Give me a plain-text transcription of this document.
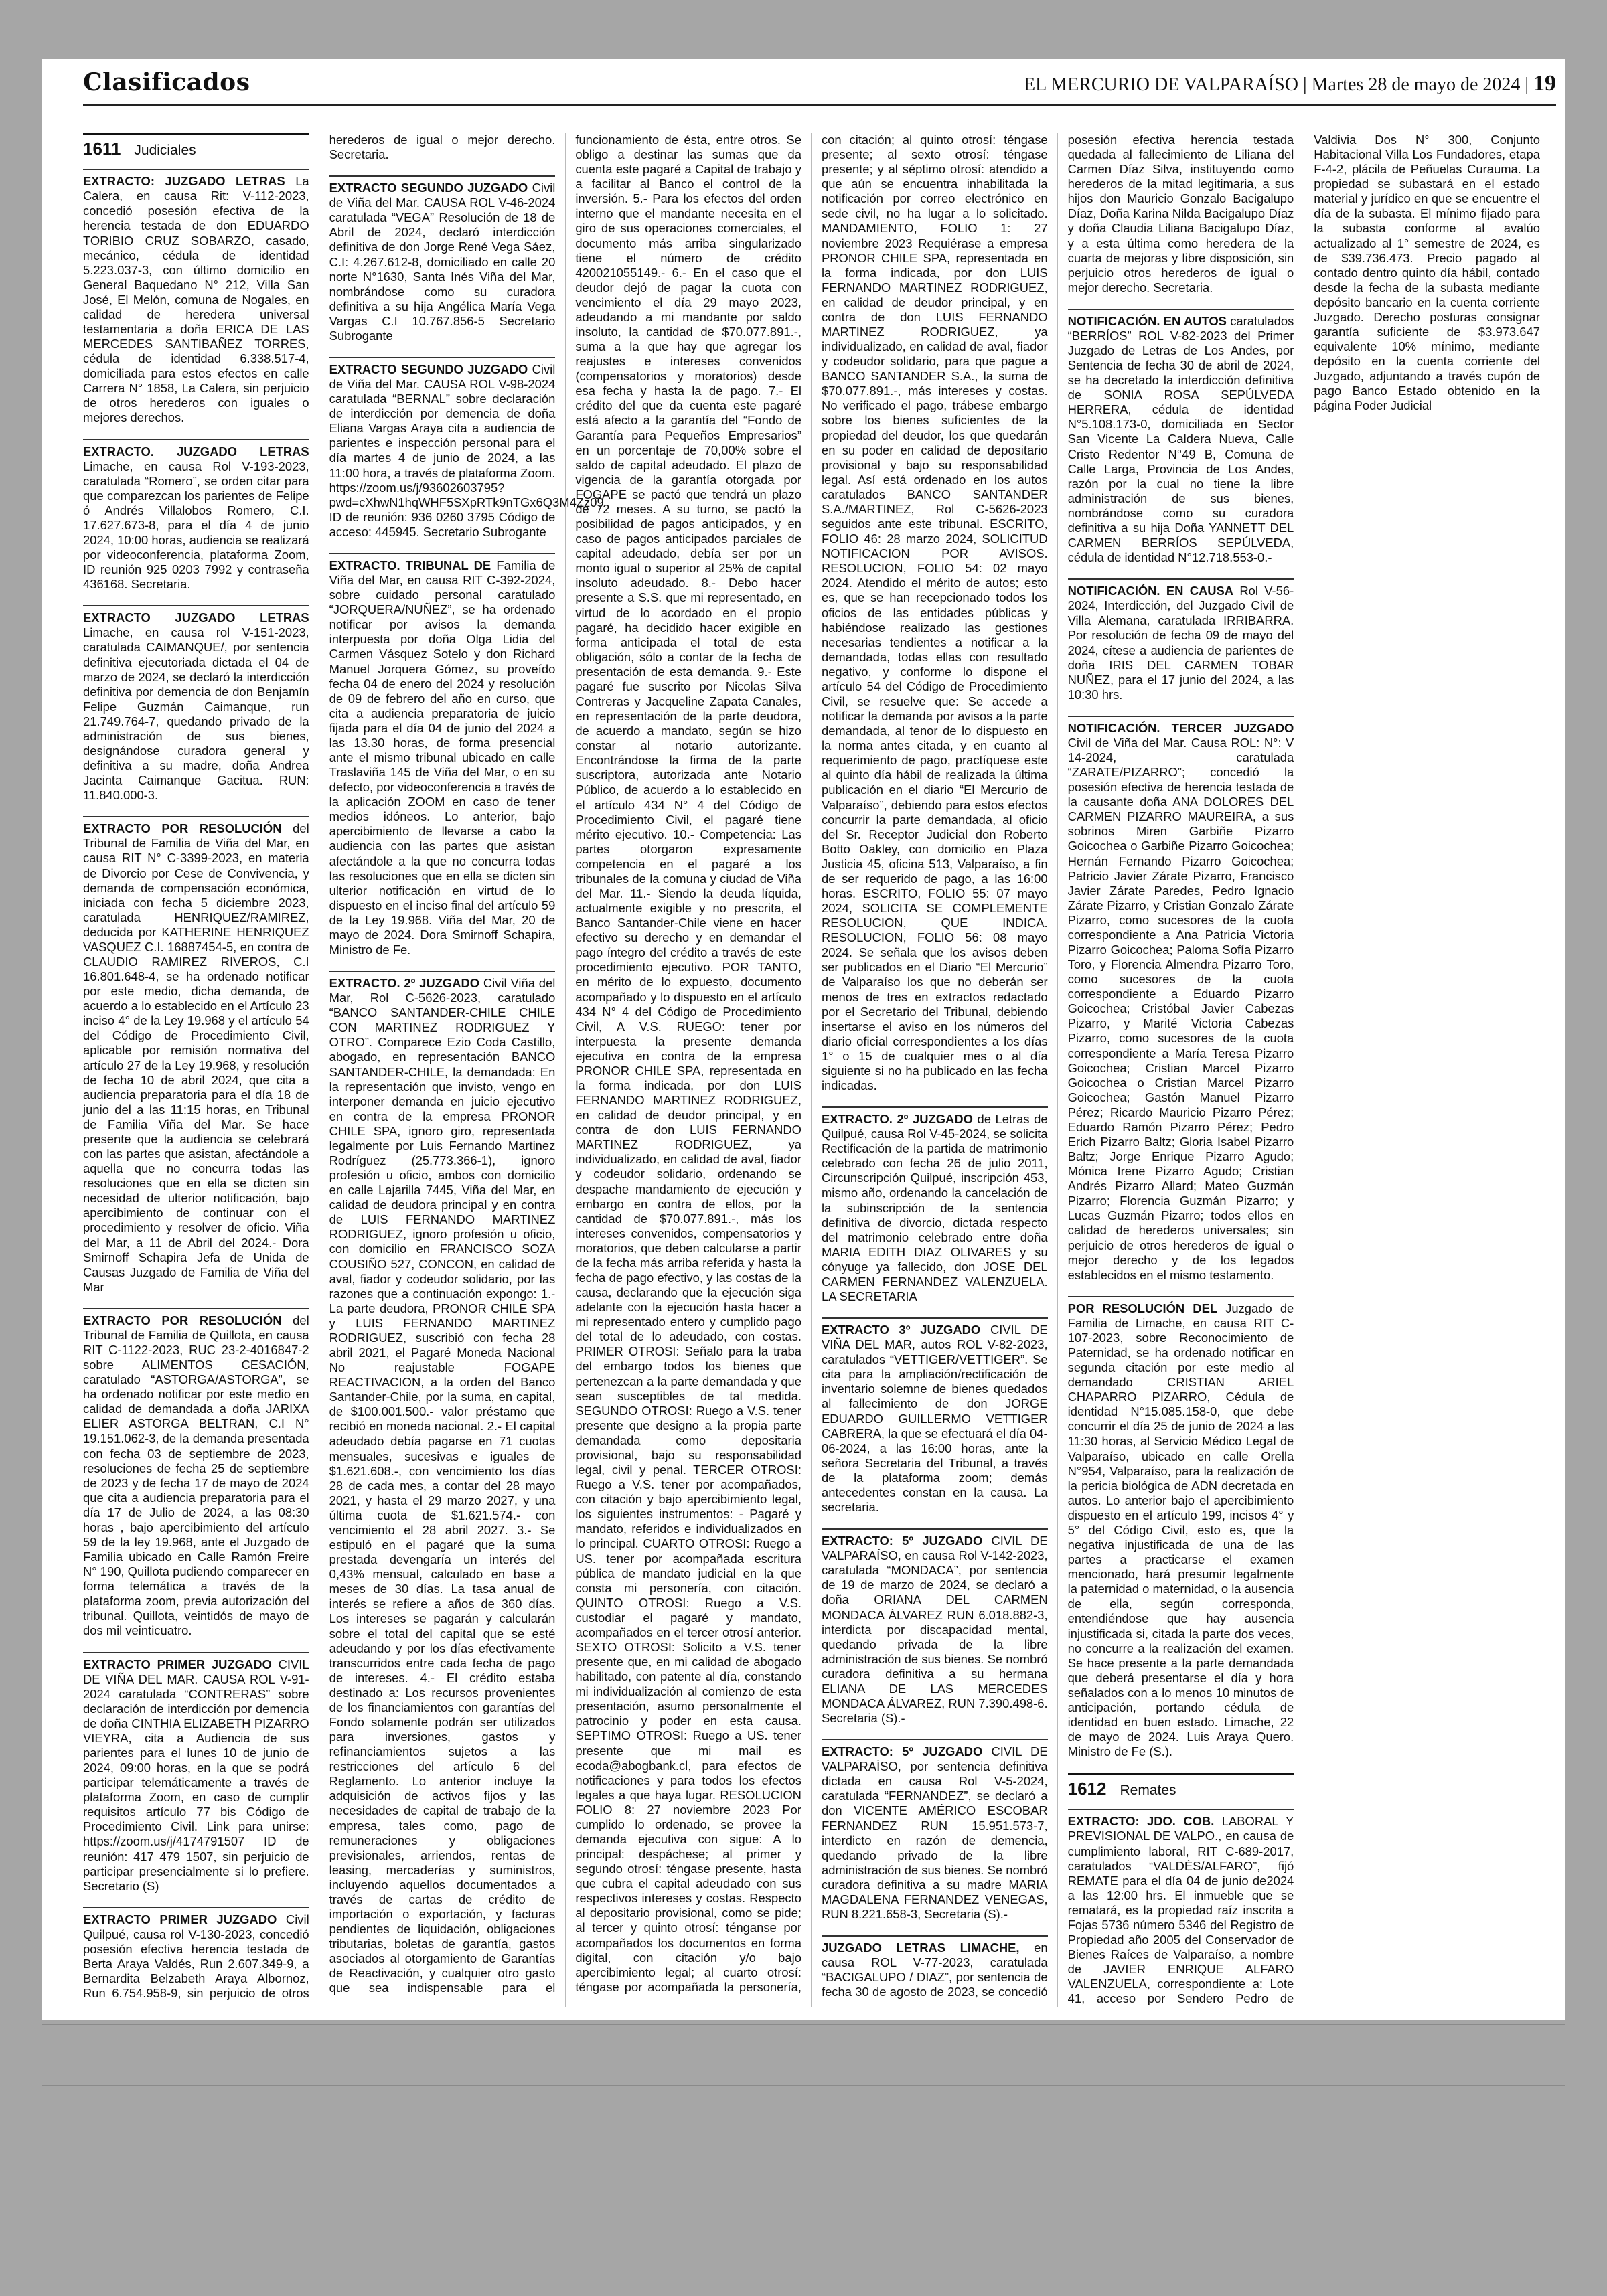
Clasificados	EL MERCURIO DE VALPARAÍSO | Martes 28 de mayo de 2024 | 19
1611 Judiciales
EXTRACTO: JUZGADO LETRAS La Calera, en causa Rit: V-112-2023, concedió posesión efectiva de la herencia testada de don EDUARDO TORIBIO CRUZ SOBARZO, casado, mecánico, cédula de identidad 5.223.037-3, con último domicilio en General Baquedano N° 212, Villa San José, El Melón, comuna de Nogales, en calidad de heredera universal testamentaria a doña ERICA DE LAS MERCEDES SANTIBAÑEZ TORRES, cédula de identidad 6.338.517-4, domiciliada para estos efectos en calle Carrera N° 1858, La Calera, sin perjuicio de otros herederos con iguales o mejores derechos.
EXTRACTO. JUZGADO LETRAS Limache, en causa Rol V-193-2023, caratulada “Romero”, se orden citar para que comparezcan los parientes de Felipe ó Andrés Villalobos Romero, C.I. 17.627.673-8, para el día 4 de junio 2024, 10:00 horas, audiencia se realizará por videoconferencia, plataforma Zoom, ID reunión 925 0203 7992 y contraseña 436168. Secretaria.
EXTRACTO JUZGADO LETRAS Limache, en causa rol V-151-2023, caratulada CAIMANQUE/, por sentencia definitiva ejecutoriada dictada el 04 de marzo de 2024, se declaró la interdicción definitiva por demencia de don Benjamín Felipe Guzmán Caimanque, run 21.749.764-7, quedando privado de la administración de sus bienes, designándose curadora general y definitiva a su madre, doña Andrea Jacinta Caimanque Gacitua. RUN: 11.840.000-3.
EXTRACTO POR RESOLUCIÓN del Tribunal de Familia de Viña del Mar, en causa RIT N° C-3399-2023, en materia de Divorcio por Cese de Convivencia, y demanda de compensación económica, iniciada con fecha 5 diciembre 2023, caratulada HENRIQUEZ/RAMIREZ, deducida por KATHERINE HENRIQUEZ VASQUEZ C.I. 16887454-5, en contra de CLAUDIO RAMIREZ RIVEROS, C.I 16.801.648-4, se ha ordenado notificar por este medio, dicha demanda, de acuerdo a lo establecido en el Artículo 23 inciso 4° de la Ley 19.968 y el artículo 54 del Código de Procedimiento Civil, aplicable por remisión normativa del artículo 27 de la Ley 19.968, y resolución de fecha 10 de abril 2024, que cita a audiencia preparatoria para el día 18 de junio del a las 11:15 horas, en Tribunal de Familia Viña del Mar. Se hace presente que la audiencia se celebrará con las partes que asistan, afectándole a aquella que no concurra todas las resoluciones que en ella se dicten sin necesidad de ulterior notificación, bajo apercibimiento de continuar con el procedimiento y resolver de oficio. Viña del Mar, a 11 de Abril del 2024.- Dora Smirnoff Schapira Jefa de Unida de Causas Juzgado de Familia de Viña del Mar
EXTRACTO POR RESOLUCIÓN del Tribunal de Familia de Quillota, en causa RIT C-1122-2023, RUC 23-2-4016847-2 sobre ALIMENTOS CESACIÓN, caratulado “ASTORGA/ASTORGA”, se ha ordenado notificar por este medio en calidad de demandada a doña JARIXA ELIER ASTORGA BELTRAN, C.I N° 19.151.062-3, de la demanda presentada con fecha 03 de septiembre de 2023, resoluciones de fecha 25 de septiembre de 2023 y de fecha 17 de mayo de 2024 que cita a audiencia preparatoria para el día 17 de Julio de 2024, a las 08:30 horas , bajo apercibimiento del artículo 59 de la ley 19.968, ante el Juzgado de Familia ubicado en Calle Ramón Freire N° 190, Quillota pudiendo comparecer en forma telemática a través de la plataforma zoom, previa autorización del tribunal. Quillota, veintidós de mayo de dos mil veinticuatro.
EXTRACTO PRIMER JUZGADO CIVIL DE VIÑA DEL MAR. CAUSA ROL V-91-2024 caratulada “CONTRERAS” sobre declaración de interdicción por demencia de doña CINTHIA ELIZABETH PIZARRO VIEYRA, cita a Audiencia de sus parientes para el lunes 10 de junio de 2024, 09:00 horas, en la que se podrá participar telemáticamente a través de plataforma Zoom, en caso de cumplir requisitos artículo 77 bis Código de Procedimiento Civil. Link para unirse: https://zoom.us/j/4174791507 ID de reunión: 417 479 1507, sin perjuicio de participar presencialmente si lo prefiere. Secretario (S)
EXTRACTO PRIMER JUZGADO Civil Quilpué, causa rol V-130-2023, concedió posesión efectiva herencia testada de Berta Araya Valdés, Run 2.607.349-9, a Bernardita Belzabeth Araya Albornoz, Run 6.754.958-9, sin perjuicio de otros herederos de igual o mejor derecho. Secretaria.
EXTRACTO SEGUNDO JUZGADO Civil de Viña del Mar. CAUSA ROL V-46-2024 caratulada “VEGA” Resolución de 18 de Abril de 2024, declaró interdicción definitiva de don Jorge René Vega Sáez, C.I: 4.267.612-8, domiciliado en calle 20 norte N°1630, Santa Inés Viña del Mar, nombrándose como su curadora definitiva a su hija Angélica María Vega Vargas C.I 10.767.856-5 Secretario Subrogante
EXTRACTO SEGUNDO JUZGADO Civil de Viña del Mar. CAUSA ROL V-98-2024 caratulada “BERNAL” sobre declaración de interdicción por demencia de doña Eliana Vargas Araya cita a audiencia de parientes e inspección personal para el día martes 4 de junio de 2024, a las 11:00 hora, a través de plataforma Zoom. https://zoom.us/j/93602603795?pwd=cXhwN1hqWHF5SXpRTk9nTGx6Q3M4Zz09 ID de reunión: 936 0260 3795 Código de acceso: 445945. Secretario Subrogante
EXTRACTO. TRIBUNAL DE Familia de Viña del Mar, en causa RIT C-392-2024, sobre cuidado personal caratulado “JORQUERA/NUÑEZ”, se ha ordenado notificar por avisos la demanda interpuesta por doña Olga Lidia del Carmen Vásquez Sotelo y don Richard Manuel Jorquera Gómez, su proveído fecha 04 de enero del 2024 y resolución de 09 de febrero del año en curso, que cita a audiencia preparatoria de juicio fijada para el día 04 de junio del 2024 a las 13.30 horas, de forma presencial ante el mismo tribunal ubicado en calle Traslaviña 145 de Viña del Mar, o en su defecto, por videoconferencia a través de la aplicación ZOOM en caso de tener medios idóneos. Lo anterior, bajo apercibimiento de llevarse a cabo la audiencia con las partes que asistan afectándole a la que no concurra todas las resoluciones que en ella se dicten sin ulterior notificación en virtud de lo dispuesto en el inciso final del artículo 59 de la Ley 19.968. Viña del Mar, 20 de mayo de 2024. Dora Smirnoff Schapira, Ministro de Fe.
EXTRACTO. 2º JUZGADO Civil Viña del Mar, Rol C-5626-2023, caratulado “BANCO SANTANDER-CHILE CHILE CON MARTINEZ RODRIGUEZ Y OTRO”. Comparece Ezio Coda Castillo, abogado, en representación BANCO SANTANDER-CHILE, la demandada: En la representación que invisto, vengo en interponer demanda en juicio ejecutivo en contra de la empresa PRONOR CHILE SPA, ignoro giro, representada legalmente por Luis Fernando Martinez Rodríguez (25.773.366-1), ignoro profesión u oficio, ambos con domicilio en calle Lajarilla 7445, Viña del Mar, en calidad de deudora principal y en contra de LUIS FERNANDO MARTINEZ RODRIGUEZ, ignoro profesión u oficio, con domicilio en FRANCISCO SOZA COUSIÑO 527, CONCON, en calidad de aval, fiador y codeudor solidario, por las razones que a continuación expongo: 1.- La parte deudora, PRONOR CHILE SPA y LUIS FERNANDO MARTINEZ RODRIGUEZ, suscribió con fecha 28 abril 2021, el Pagaré Moneda Nacional No reajustable FOGAPE REACTIVACION, a la orden del Banco Santander-Chile, por la suma, en capital, de $100.001.500.- valor préstamo que recibió en moneda nacional. 2.- El capital adeudado debía pagarse en 71 cuotas mensuales, sucesivas e iguales de $1.621.608.-, con vencimiento los días 28 de cada mes, a contar del 28 mayo 2021, y hasta el 29 marzo 2027, y una última cuota de $1.621.574.- con vencimiento el 28 abril 2027. 3.- Se estipuló en el pagaré que la suma prestada devengaría un interés del 0,43% mensual, calculado en base a meses de 30 días. La tasa anual de interés se refiere a años de 360 días. Los intereses se pagarán y calcularán sobre el total del capital que se esté adeudando y por los días efectivamente transcurridos entre cada fecha de pago de intereses. 4.- El crédito estaba destinado a: Los recursos provenientes de los financiamientos con garantías del Fondo solamente podrán ser utilizados para inversiones, gastos y refinanciamientos sujetos a las restricciones del artículo 6 del Reglamento. Lo anterior incluye la adquisición de activos fijos y las necesidades de capital de trabajo de la empresa, tales como, pago de remuneraciones y obligaciones previsionales, arriendos, rentas de leasing, mercaderías y suministros, incluyendo aquellos documentados a través de cartas de crédito de importación o exportación, y facturas pendientes de liquidación, obligaciones tributarias, boletas de garantía, gastos asociados al otorgamiento de Garantías de Reactivación, y cualquier otro gasto que sea indispensable para el funcionamiento de ésta, entre otros. Se obligo a destinar las sumas que da cuenta este pagaré a Capital de trabajo y a facilitar al Banco el control de la inversión. 5.- Para los efectos del orden interno que el mandante necesita en el giro de sus operaciones comerciales, el documento más arriba singularizado tiene el número de crédito 420021055149.- 6.- En el caso que el deudor dejó de pagar la cuota con vencimiento el día 29 mayo 2023, adeudando a mi mandante por saldo insoluto, la cantidad de $70.077.891.-, suma a la que hay que agregar los reajustes e intereses convenidos (compensatorios y moratorios) desde esa fecha y hasta la de pago. 7.- El crédito del que da cuenta este pagaré está afecto a la garantía del “Fondo de Garantía para Pequeños Empresarios” en un porcentaje de 70,00% sobre el saldo de capital adeudado. El plazo de vigencia de la garantía otorgada por FOGAPE se pactó que tendrá un plazo de 72 meses. A su turno, se pactó la posibilidad de pagos anticipados, y en caso de pagos anticipados parciales de capital adeudado, debía ser por un monto igual o superior al 25% de capital insoluto adeudado. 8.- Debo hacer presente a S.S. que mi representado, en virtud de lo acordado en el propio pagaré, ha decidido hacer exigible en forma anticipada el total de esta obligación, sólo a contar de la fecha de presentación de esta demanda. 9.- Este pagaré fue suscrito por Nicolas Silva Contreras y Jacqueline Zapata Canales, en representación de la parte deudora, de acuerdo a mandato, según se hizo constar al notario autorizante. Encontrándose la firma de la parte suscriptora, autorizada ante Notario Público, de acuerdo a lo establecido en el artículo 434 N° 4 del Código de Procedimiento Civil, el pagaré tiene mérito ejecutivo. 10.- Competencia: Las partes otorgaron expresamente competencia en el pagaré a los tribunales de la comuna y ciudad de Viña del Mar. 11.- Siendo la deuda líquida, actualmente exigible y no prescrita, el Banco Santander-Chile viene en hacer efectivo su derecho y en demandar el pago íntegro del crédito a través de este procedimiento ejecutivo. POR TANTO, en mérito de lo expuesto, documento acompañado y lo dispuesto en el artículo 434 N° 4 del Código de Procedimiento Civil, A V.S. RUEGO: tener por interpuesta la presente demanda ejecutiva en contra de la empresa PRONOR CHILE SPA, representada en la forma indicada, por don LUIS FERNANDO MARTINEZ RODRIGUEZ, en calidad de deudor principal, y en contra de don LUIS FERNANDO MARTINEZ RODRIGUEZ, ya individualizado, en calidad de aval, fiador y codeudor solidario, ordenando se despache mandamiento de ejecución y embargo en contra de ellos, por la cantidad de $70.077.891.-, más los intereses convenidos, compensatorios y moratorios, que deben calcularse a partir de la fecha más arriba referida y hasta la fecha de pago efectivo, y las costas de la causa, declarando que la ejecución siga adelante con la ejecución hasta hacer a mi representado entero y cumplido pago del total de lo adeudado, con costas. PRIMER OTROSI: Señalo para la traba del embargo todos los bienes que pertenezcan a la parte demandada y que sean susceptibles de tal medida. SEGUNDO OTROSI: Ruego a V.S. tener presente que designo a la propia parte demandada como depositaria provisional, bajo su responsabilidad legal, civil y penal. TERCER OTROSI: Ruego a V.S. tener por acompañados, con citación y bajo apercibimiento legal, los siguientes instrumentos: - Pagaré y mandato, referidos e individualizados en lo principal. CUARTO OTROSI: Ruego a US. tener por acompañada escritura pública de mandato judicial en la que consta mi personería, con citación. QUINTO OTROSI: Ruego a V.S. custodiar el pagaré y mandato, acompañados en el tercer otrosí anterior. SEXTO OTROSI: Solicito a V.S. tener presente que, en mi calidad de abogado habilitado, con patente al día, constando mi individualización al comienzo de esta presentación, asumo personalmente el patrocinio y poder en esta causa. SEPTIMO OTROSI: Ruego a US. tener presente que mi mail es ecoda@abogbank.cl, para efectos de notificaciones y para todos los efectos legales a que haya lugar. RESOLUCION FOLIO 8: 27 noviembre 2023 Por cumplido lo ordenado, se provee la demanda ejecutiva con sigue: A lo principal: despáchese; al primer y segundo otrosí: téngase presente, hasta que cubra el capital adeudado con sus respectivos intereses y costas. Respecto al depositario provisional, como se pide; al tercer y quinto otrosí: ténganse por acompañados los documentos en forma digital, con citación y/o bajo apercibimiento legal; al cuarto otrosí: téngase por acompañada la personería, con citación; al quinto otrosí: téngase presente; al sexto otrosí: téngase presente; y al séptimo otrosí: atendido a que aún se encuentra inhabilitada la notificación por correo electrónico en sede civil, no ha lugar a lo solicitado. MANDAMIENTO, FOLIO 1: 27 noviembre 2023 Requiérase a empresa PRONOR CHILE SPA, representada en la forma indicada, por don LUIS FERNANDO MARTINEZ RODRIGUEZ, en calidad de deudor principal, y en contra de don LUIS FERNANDO MARTINEZ RODRIGUEZ, ya individualizado, en calidad de aval, fiador y codeudor solidario, para que pague a BANCO SANTANDER S.A., la suma de $70.077.891.-, más intereses y costas. No verificado el pago, trábese embargo sobre los bienes suficientes de la propiedad del deudor, los que quedarán en su poder en calidad de depositario provisional y bajo su responsabilidad legal. Así está ordenado en los autos caratulados BANCO SANTANDER S.A./MARTINEZ, Rol C-5626-2023 seguidos ante este tribunal. ESCRITO, FOLIO 46: 28 marzo 2024, SOLICITUD NOTIFICACION POR AVISOS. RESOLUCION, FOLIO 54: 02 mayo 2024. Atendido el mérito de autos; esto es, que se han recepcionado todos los oficios de las entidades públicas y habiéndose realizado las gestiones necesarias tendientes a notificar a la demandada, todas ellas con resultado negativo, y conforme lo dispone el artículo 54 del Código de Procedimiento Civil, se resuelve que: Se accede a notificar la demanda por avisos a la parte demandada, al tenor de lo dispuesto en la norma antes citada, y en cuanto al requerimiento de pago, practíquese este al quinto día hábil de realizada la última publicación en el diario “El Mercurio de Valparaíso”, debiendo para estos efectos concurrir la parte demandada, al oficio del Sr. Receptor Judicial don Roberto Botto Oakley, con domicilio en Plaza Justicia 45, oficina 513, Valparaíso, a fin de ser requerido de pago, a las 16:00 horas. ESCRITO, FOLIO 55: 07 mayo 2024, SOLICITA SE COMPLEMENTE RESOLUCION, QUE INDICA. RESOLUCION, FOLIO 56: 08 mayo 2024. Se señala que los avisos deben ser publicados en el Diario “El Mercurio” de Valparaíso los que no deberán ser menos de tres en extractos redactado por el Secretario del Tribunal, debiendo insertarse el aviso en los números del diario oficial correspondientes a los días 1° o 15 de cualquier mes o al día siguiente si no ha publicado en las fecha indicadas.
EXTRACTO. 2º JUZGADO de Letras de Quilpué, causa Rol V-45-2024, se solicita Rectificación de la partida de matrimonio celebrado con fecha 26 de julio 2011, Circunscripción Quilpué, inscripción 453, mismo año, ordenando la cancelación de la subinscripción de la sentencia definitiva de divorcio, dictada respecto del matrimonio celebrado entre doña MARIA EDITH DIAZ OLIVARES y su cónyuge ya fallecido, don JOSE DEL CARMEN FERNANDEZ VALENZUELA. LA SECRETARIA
EXTRACTO 3º JUZGADO CIVIL DE VIÑA DEL MAR, autos ROL V-82-2023, caratulados “VETTIGER/VETTIGER”. Se cita para la ampliación/rectificación de inventario solemne de bienes quedados al fallecimiento de don JORGE EDUARDO GUILLERMO VETTIGER CABRERA, la que se efectuará el día 04-06-2024, a las 16:00 horas, ante la señora Secretaria del Tribunal, a través de la plataforma zoom; demás antecedentes constan en la causa. La secretaria.
EXTRACTO: 5º JUZGADO CIVIL DE VALPARAÍSO, en causa Rol V-142-2023, caratulada “MONDACA”, por sentencia de 19 de marzo de 2024, se declaró a doña ORIANA DEL CARMEN MONDACA ÁLVAREZ RUN 6.018.882-3, interdicta por discapacidad mental, quedando privada de la libre administración de sus bienes. Se nombró curadora definitiva a su hermana ELIANA DE LAS MERCEDES MONDACA ÁLVAREZ, RUN 7.390.498-6. Secretaria (S).-
EXTRACTO: 5º JUZGADO CIVIL DE VALPARAÍSO, por sentencia definitiva dictada en causa Rol V-5-2024, caratulada “FERNANDEZ”, se declaró a don VICENTE AMÉRICO ESCOBAR FERNANDEZ RUN 15.951.573-7, interdicto en razón de demencia, quedando privado de la libre administración de sus bienes. Se nombró curadora definitiva a su madre MARIA MAGDALENA FERNANDEZ VENEGAS, RUN 8.221.658-3, Secretaria (S).-
JUZGADO LETRAS LIMACHE, en causa ROL V-77-2023, caratulada “BACIGALUPO / DIAZ”, por sentencia de fecha 30 de agosto de 2023, se concedió posesión efectiva herencia testada quedada al fallecimiento de Liliana del Carmen Díaz Silva, instituyendo como herederos de la mitad legitimaria, a sus hijos don Mauricio Gonzalo Bacigalupo Díaz, Doña Karina Nilda Bacigalupo Díaz y doña Claudia Liliana Bacigalupo Díaz, y a esta última como heredera de la cuarta de mejoras y libre disposición, sin perjuicio otros herederos de igual o mejor derecho. Secretaria.
NOTIFICACIÓN. EN AUTOS caratulados “BERRÍOS” ROL V-82-2023 del Primer Juzgado de Letras de Los Andes, por Sentencia de fecha 30 de abril de 2024, se ha decretado la interdicción definitiva de SONIA ROSA SEPÚLVEDA HERRERA, cédula de identidad N°5.108.173-0, domiciliada en Sector San Vicente La Caldera Nueva, Calle Cristo Redentor N°49 B, Comuna de Calle Larga, Provincia de Los Andes, razón por la cual no tiene la libre administración de sus bienes, nombrándose como su curadora definitiva a su hija Doña YANNETT DEL CARMEN BERRÍOS SEPÚLVEDA, cédula de identidad N°12.718.553-0.-
NOTIFICACIÓN. EN CAUSA Rol V-56-2024, Interdicción, del Juzgado Civil de Villa Alemana, caratulada IRRIBARRA. Por resolución de fecha 09 de mayo del 2024, cítese a audiencia de parientes de doña IRIS DEL CARMEN TOBAR NUÑEZ, para el 17 junio del 2024, a las 10:30 hrs.
NOTIFICACIÓN. TERCER JUZGADO Civil de Viña del Mar. Causa ROL: N°: V 14-2024, caratulada “ZARATE/PIZARRO”; concedió la posesión efectiva de herencia testada de la causante doña ANA DOLORES DEL CARMEN PIZARRO MAUREIRA, a sus sobrinos Miren Garbiñe Pizarro Goicochea o Garbiñe Pizarro Goicochea; Hernán Fernando Pizarro Goicochea; Patricio Javier Zárate Pizarro, Francisco Javier Zárate Paredes, Pedro Ignacio Zárate Pizarro, y Cristian Gonzalo Zárate Pizarro, como sucesores de la cuota correspondiente a Ana Patricia Victoria Pizarro Goicochea; Paloma Sofía Pizarro Toro, y Florencia Almendra Pizarro Toro, como sucesores de la cuota correspondiente a Eduardo Pizarro Goicochea; Cristóbal Javier Cabezas Pizarro, y Marité Victoria Cabezas Pizarro, como sucesores de la cuota correspondiente a María Teresa Pizarro Goicochea; Cristian Marcel Pizarro Goicochea o Cristian Marcel Pizarro Goicochea; Gastón Manuel Pizarro Pérez; Ricardo Mauricio Pizarro Pérez; Eduardo Ramón Pizarro Pérez; Pedro Erich Pizarro Baltz; Gloria Isabel Pizarro Baltz; Jorge Enrique Pizarro Agudo; Mónica Irene Pizarro Agudo; Cristian Andrés Pizarro Allard; Mateo Guzmán Pizarro; Florencia Guzmán Pizarro; y Lucas Guzmán Pizarro; todos ellos en calidad de herederos universales; sin perjuicio de otros herederos de igual o mejor derecho y de los legados establecidos en el mismo testamento.
POR RESOLUCIÓN DEL Juzgado de Familia de Limache, en causa RIT C-107-2023, sobre Reconocimiento de Paternidad, se ha ordenado notificar en segunda citación por este medio al demandado CRISTIAN ARIEL CHAPARRO PIZARRO, Cédula de identidad N°15.085.158-0, que debe concurrir el día 25 de junio de 2024 a las 11:30 horas, al Servicio Médico Legal de Valparaíso, ubicado en calle Orella N°954, Valparaíso, para la realización de la pericia biológica de ADN decretada en autos. Lo anterior bajo el apercibimiento dispuesto en el artículo 199, incisos 4° y 5° del Código Civil, esto es, que la negativa injustificada de una de las partes a practicarse el examen mencionado, hará presumir legalmente la paternidad o maternidad, o la ausencia de ella, según corresponda, entendiéndose que hay ausencia injustificada si, citada la parte dos veces, no concurre a la realización del examen. Se hace presente a la parte demandada que deberá presentarse el día y hora señalados con a lo menos 10 minutos de anticipación, portando cédula de identidad en buen estado. Limache, 22 de mayo de 2024. Luis Araya Quero. Ministro de Fe (S.).
1612 Remates
EXTRACTO: JDO. COB. LABORAL Y PREVISIONAL DE VALPO., en causa de cumplimiento laboral, RIT C-689-2017, caratulados “VALDÉS/ALFARO”, fijó REMATE para el día 04 de junio de2024 a las 12:00 hrs. El inmueble que se rematará, es la propiedad raíz inscrita a Fojas 5736 número 5346 del Registro de Propiedad año 2005 del Conservador de Bienes Raíces de Valparaíso, a nombre de JAVIER ENRIQUE ALFARO VALENZUELA, correspondiente a: Lote 41, acceso por Sendero Pedro de Valdivia Dos N° 300, Conjunto Habitacional Villa Los Fundadores, etapa F-4-2, plácila de Peñuelas Curauma. La propiedad se subastará en el estado material y jurídico en que se encuentre el día de la subasta. El mínimo fijado para la subasta conforme al avalúo actualizado al 1° semestre de 2024, es de $39.736.473. Precio pagado al contado dentro quinto día hábil, contado desde la fecha de la subasta mediante depósito bancario en la cuenta corriente Juzgado. Derecho posturas consignar garantía suficiente de $3.973.647 equivalente 10% mínimo, mediante depósito en la cuenta corriente del Juzgado, adjuntando a través cupón de pago Banco Estado obtenido en la página Poder Judicial
